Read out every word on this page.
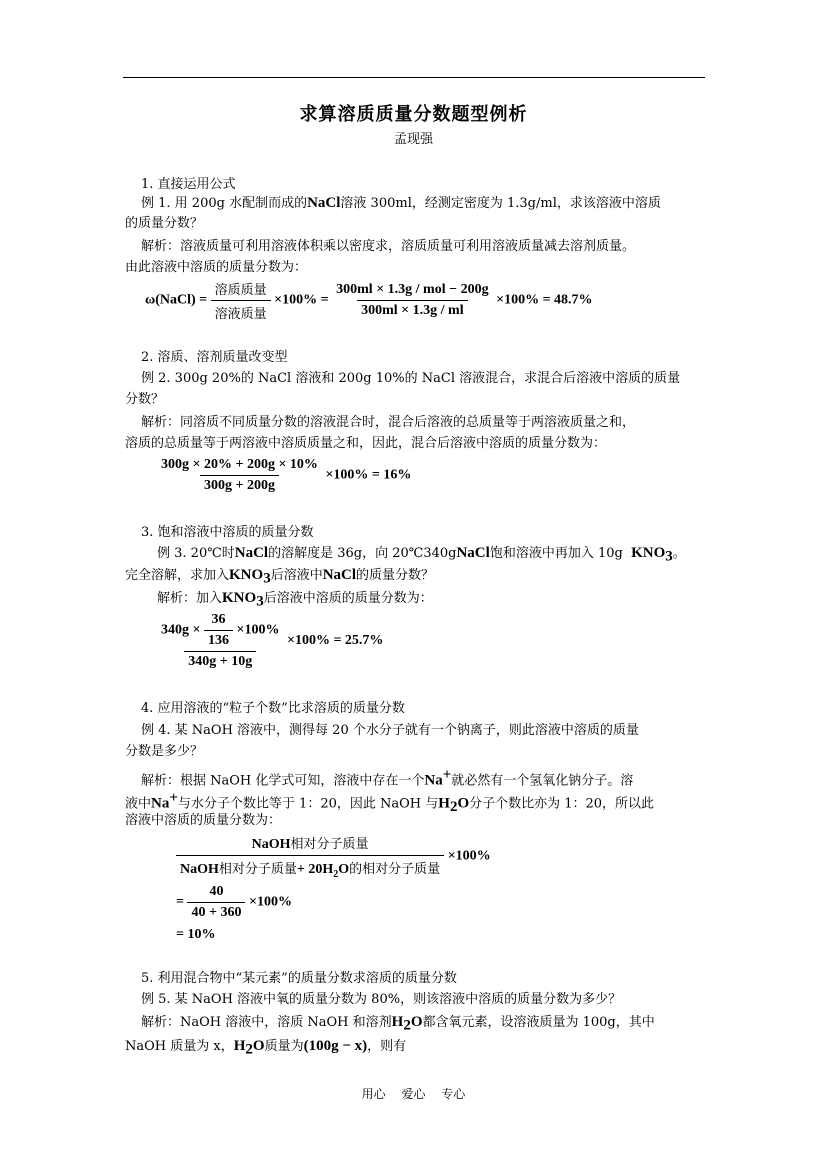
求算溶质质量分数题型例析
孟现强
1. 直接运用公式
例 1. 用 200g 水配制而成的NaCl溶液 300ml，经测定密度为 1.3g/ml，求该溶液中溶质
的质量分数？
解析：溶液质量可利用溶液体积乘以密度求，溶质质量可利用溶液质量减去溶剂质量。
由此溶液中溶质的质量分数为：
ω(NaCl) = $\frac{\text{溶质质量}}{\text{溶液质量}} \times 100\% = \frac{\text{300ml × 1.3g / mol − 200g}}{300ml \times 1.3g / ml} \times 100\% = 48.7\%$
2. 溶质、溶剂质量改变型
例 2. 300g 20%的 NaCl 溶液和 200g 10%的 NaCl 溶液混合，求混合后溶液中溶质的质量
分数？
解析：同溶质不同质量分数的溶液混合时，混合后溶液的总质量等于两溶液质量之和，
溶质的总质量等于两溶液中溶质质量之和，因此，混合后溶液中溶质的质量分数为：
$\frac{300g \times 20\% + 200g \times 10\%}{300g + 200g} \times 100\% = 16\%$
3. 饱和溶液中溶质的质量分数
例 3. 20℃时NaCl的溶解度是 36g，向 20℃340gNaCl饱和溶液中再加入 10g $KNO_3$。
完全溶解，求加入$KNO_3$后溶液中NaCl的质量分数？
解析：加入$KNO_3$后溶液中溶质的质量分数为：
$\frac{340g \times \frac{36}{136} \times 100\%}{340g + 10g} \times 100\% = 25.7\%$
4. 应用溶液的“粒子个数”比求溶质的质量分数
例 4. 某 NaOH 溶液中，测得每 20 个水分子就有一个钠离子，则此溶液中溶质的质量
分数是多少？
解析：根据 NaOH 化学式可知，溶液中存在一个Na+就必然有一个氢氧化钠分子。溶
液中Na+与水分子个数比等于 1：20，因此 NaOH 与$H_2O$分子个数比亦为 1：20，所以此
溶液中溶质的质量分数为：
$\frac{\text{NaOH相对分子质量}}{NaOH相对分子质量+ 20H_2O的相对分子质量} \times 100\%$
= $\frac{40}{40 + 360} \times 100\%$
= 10%
5. 利用混合物中“某元素”的质量分数求溶质的质量分数
例 5. 某 NaOH 溶液中氧的质量分数为 80%，则该溶液中溶质的质量分数为多少？
解析：NaOH 溶液中，溶质 NaOH 和溶剂$H_2O$都含氧元素，设溶液质量为 100g，其中
NaOH 质量为 x，$H_2O$质量为(100g − x)，则有
用心 爱心 专心
